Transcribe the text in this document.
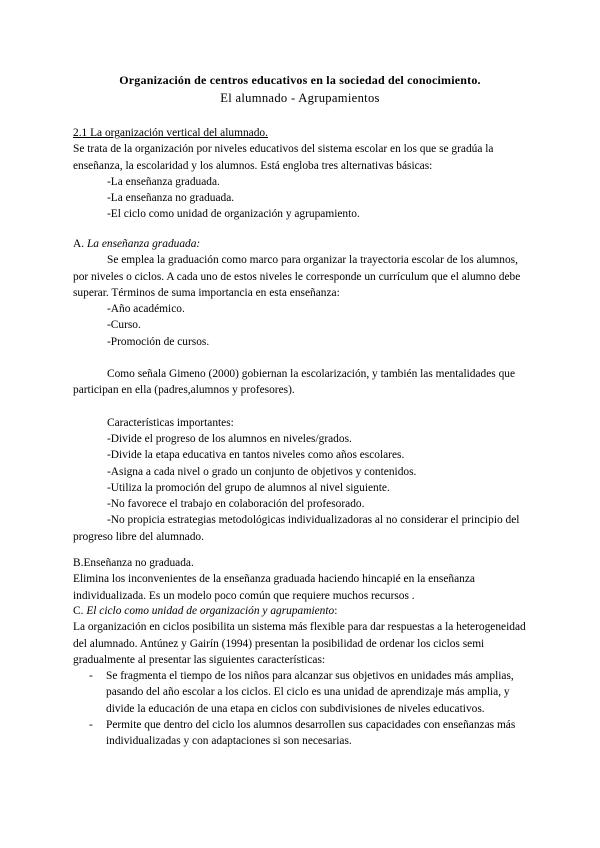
Organización de centros educativos en la sociedad del conocimiento.
El alumnado - Agrupamientos

2.1 La organización vertical del alumnado.

Se trata de la organización por niveles educativos del sistema escolar en los que se gradúa la enseñanza, la escolaridad y los alumnos. Está engloba tres alternativas básicas:

-La enseñanza graduada.

-La enseñanza no graduada.

-El ciclo como unidad de organización y agrupamiento.

A. La enseñanza graduada:

Se emplea la graduación como marco para organizar la trayectoria escolar de los alumnos, por niveles o ciclos. A cada uno de estos niveles le corresponde un currículum que el alumno debe superar. Términos de suma importancia en esta enseñanza:

-Año académico.

-Curso.

-Promoción de cursos.

Como señala Gimeno (2000) gobiernan la escolarización, y también las mentalidades que participan en ella (padres,alumnos y profesores).

Características importantes:

-Divide el progreso de los alumnos en niveles/grados.

-Divide la etapa educativa en tantos niveles como años escolares.

-Asigna a cada nivel o grado un conjunto de objetivos y contenidos.

-Utiliza la promoción del grupo de alumnos al nivel siguiente.

-No favorece el trabajo en colaboración del profesorado.

-No propicia estrategias metodológicas individualizadoras al no considerar el principio del progreso libre del alumnado.

B.Enseñanza no graduada.

Elimina los inconvenientes de la enseñanza graduada haciendo hincapié en la enseñanza individualizada. Es un modelo poco común que requiere muchos recursos .

C. El ciclo como unidad de organización y agrupamiento:

La organización en ciclos posibilita un sistema más flexible para dar respuestas a la heterogeneidad del alumnado. Antúnez y Gairín (1994) presentan la posibilidad de ordenar los ciclos semi gradualmente al presentar las siguientes características:

- Se fragmenta el tiempo de los niños para alcanzar sus objetivos en unidades más amplias, pasando del año escolar a los ciclos. El ciclo es una unidad de aprendizaje más amplia, y divide la educación de una etapa en ciclos con subdivisiones de niveles educativos.
- Permite que dentro del ciclo los alumnos desarrollen sus capacidades con enseñanzas más individualizadas y con adaptaciones si son necesarias.
